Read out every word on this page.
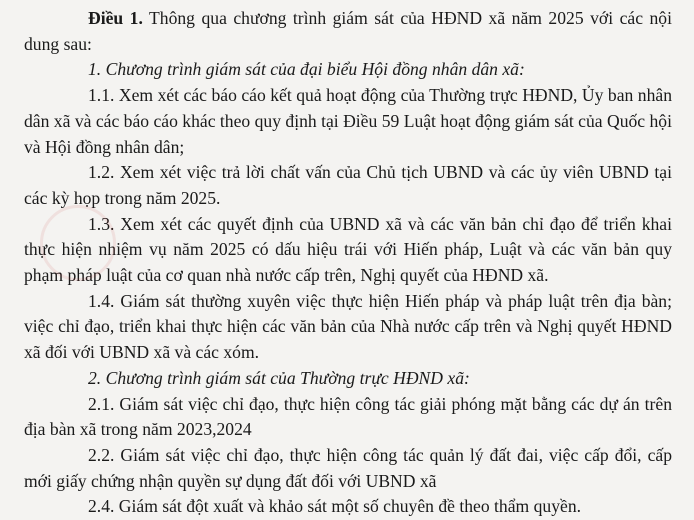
Điều 1. Thông qua chương trình giám sát của HĐND xã năm 2025 với các nội dung sau:

1. Chương trình giám sát của đại biểu Hội đồng nhân dân xã:

1.1. Xem xét các báo cáo kết quả hoạt động của Thường trực HĐND, Ủy ban nhân dân xã và các báo cáo khác theo quy định tại Điều 59 Luật hoạt động giám sát của Quốc hội và Hội đồng nhân dân;

1.2. Xem xét việc trả lời chất vấn của Chủ tịch UBND và các ủy viên UBND tại các kỳ họp trong năm 2025.

1.3. Xem xét các quyết định của UBND xã và các văn bản chỉ đạo để triển khai thực hiện nhiệm vụ năm 2025 có dấu hiệu trái với Hiến pháp, Luật và các văn bản quy phạm pháp luật của cơ quan nhà nước cấp trên, Nghị quyết của HĐND xã.

1.4. Giám sát thường xuyên việc thực hiện Hiến pháp và pháp luật trên địa bàn; việc chỉ đạo, triển khai thực hiện các văn bản của Nhà nước cấp trên và Nghị quyết HĐND xã đối với UBND xã và các xóm.

2. Chương trình giám sát của Thường trực HĐND xã:

2.1. Giám sát việc chỉ đạo, thực hiện công tác giải phóng mặt bằng các dự án trên địa bàn xã trong năm 2023,2024

2.2. Giám sát việc chỉ đạo, thực hiện công tác quản lý đất đai, việc cấp đổi, cấp mới giấy chứng nhận quyền sự dụng đất đối với UBND xã

2.4. Giám sát đột xuất và khảo sát một số chuyên đề theo thẩm quyền.
